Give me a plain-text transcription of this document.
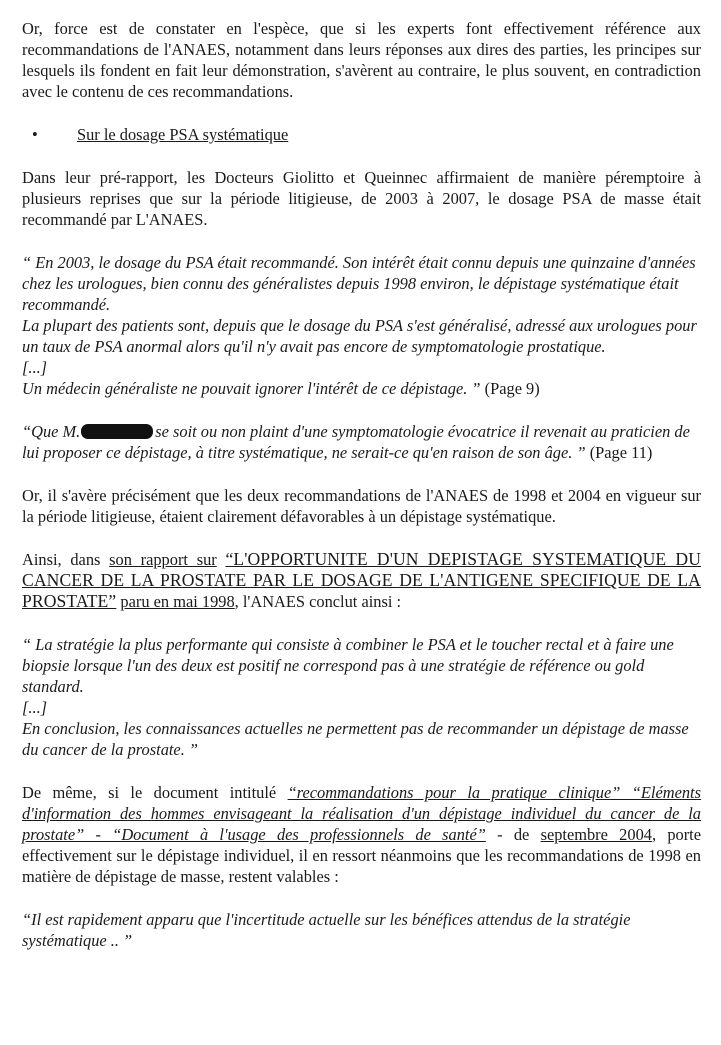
Or, force est de constater en l'espèce, que si les experts font effectivement référence aux recommandations de l'ANAES, notamment dans leurs réponses aux dires des parties, les principes sur lesquels ils fondent en fait leur démonstration, s'avèrent au contraire, le plus souvent, en contradiction avec le contenu de ces recommandations.

•	Sur le dosage PSA systématique

Dans leur pré-rapport, les Docteurs Giolitto et Queinnec affirmaient de manière péremptoire à plusieurs reprises que sur la période litigieuse, de 2003 à 2007, le dosage PSA de masse était recommandé par L'ANAES.

“ En 2003, le dosage du PSA était recommandé. Son intérêt était connu depuis une quinzaine d'années chez les urologues, bien connu des généralistes depuis 1998 environ, le dépistage systématique était recommandé.

La plupart des patients sont, depuis que le dosage du PSA s'est généralisé, adressé aux urologues pour un taux de PSA anormal alors qu'il n'y avait pas encore de symptomatologie prostatique.

[...]

Un médecin généraliste ne pouvait ignorer l'intérêt de ce dépistage. ” (Page 9)

“Que M.	se soit ou non plaint d'une symptomatologie évocatrice il revenait au praticien de lui proposer ce dépistage, à titre systématique, ne serait-ce qu'en raison de son âge. ” (Page 11)

Or, il s'avère précisément que les deux recommandations de l'ANAES de 1998 et 2004 en vigueur sur la période litigieuse, étaient clairement défavorables à un dépistage systématique.

Ainsi, dans son rapport sur “L'OPPORTUNITE D'UN DEPISTAGE SYSTEMATIQUE DU CANCER DE LA PROSTATE PAR LE DOSAGE DE L'ANTIGENE SPECIFIQUE DE LA PROSTATE” paru en mai 1998, l'ANAES conclut ainsi :

“ La stratégie la plus performante qui consiste à combiner le PSA et le toucher rectal et à faire une biopsie lorsque l'un des deux est positif ne correspond pas à une stratégie de référence ou gold standard.

[...]

En conclusion, les connaissances actuelles ne permettent pas de recommander un dépistage de masse du cancer de la prostate. ”

De même, si le document intitulé “recommandations pour la pratique clinique” “Eléments d'information des hommes envisageant la réalisation d'un dépistage individuel du cancer de la prostate” - “Document à l'usage des professionnels de santé” - de septembre 2004, porte effectivement sur le dépistage individuel, il en ressort néanmoins que les recommandations de 1998 en matière de dépistage de masse, restent valables :

“Il est rapidement apparu que l'incertitude actuelle sur les bénéfices attendus de la stratégie systématique .. ”
